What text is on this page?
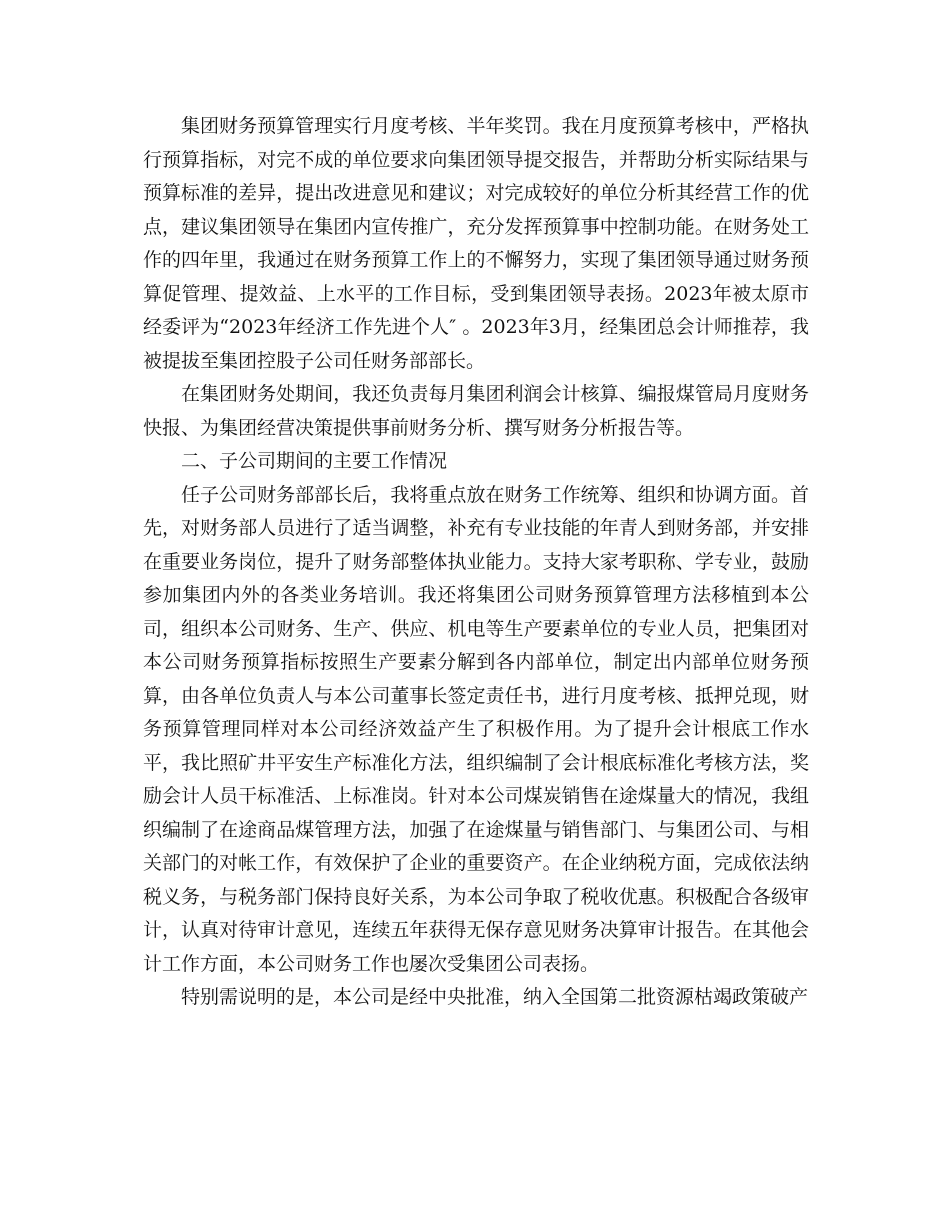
集团财务预算管理实行月度考核、半年奖罚。我在月度预算考核中，严格执行预算指标，对完不成的单位要求向集团领导提交报告，并帮助分析实际结果与预算标准的差异，提出改进意见和建议；对完成较好的单位分析其经营工作的优点，建议集团领导在集团内宣传推广，充分发挥预算事中控制功能。在财务处工作的四年里，我通过在财务预算工作上的不懈努力，实现了集团领导通过财务预算促管理、提效益、上水平的工作目标，受到集团领导表扬。2023年被太原市经委评为“2023年经济工作先进个人″ 。2023年3月，经集团总会计师推荐，我被提拔至集团控股子公司任财务部部长。

在集团财务处期间，我还负责每月集团利润会计核算、编报煤管局月度财务快报、为集团经营决策提供事前财务分析、撰写财务分析报告等。

二、子公司期间的主要工作情况

任子公司财务部部长后，我将重点放在财务工作统筹、组织和协调方面。首先，对财务部人员进行了适当调整，补充有专业技能的年青人到财务部，并安排在重要业务岗位，提升了财务部整体执业能力。支持大家考职称、学专业，鼓励参加集团内外的各类业务培训。我还将集团公司财务预算管理方法移植到本公司，组织本公司财务、生产、供应、机电等生产要素单位的专业人员，把集团对本公司财务预算指标按照生产要素分解到各内部单位，制定出内部单位财务预算，由各单位负责人与本公司董事长签定责任书，进行月度考核、抵押兑现，财务预算管理同样对本公司经济效益产生了积极作用。为了提升会计根底工作水平，我比照矿井平安生产标准化方法，组织编制了会计根底标准化考核方法，奖励会计人员干标准活、上标准岗。针对本公司煤炭销售在途煤量大的情况，我组织编制了在途商品煤管理方法，加强了在途煤量与销售部门、与集团公司、与相关部门的对帐工作，有效保护了企业的重要资产。在企业纳税方面，完成依法纳税义务，与税务部门保持良好关系，为本公司争取了税收优惠。积极配合各级审计，认真对待审计意见，连续五年获得无保存意见财务决算审计报告。在其他会计工作方面，本公司财务工作也屡次受集团公司表扬。

特别需说明的是，本公司是经中央批准，纳入全国第二批资源枯竭政策破产
